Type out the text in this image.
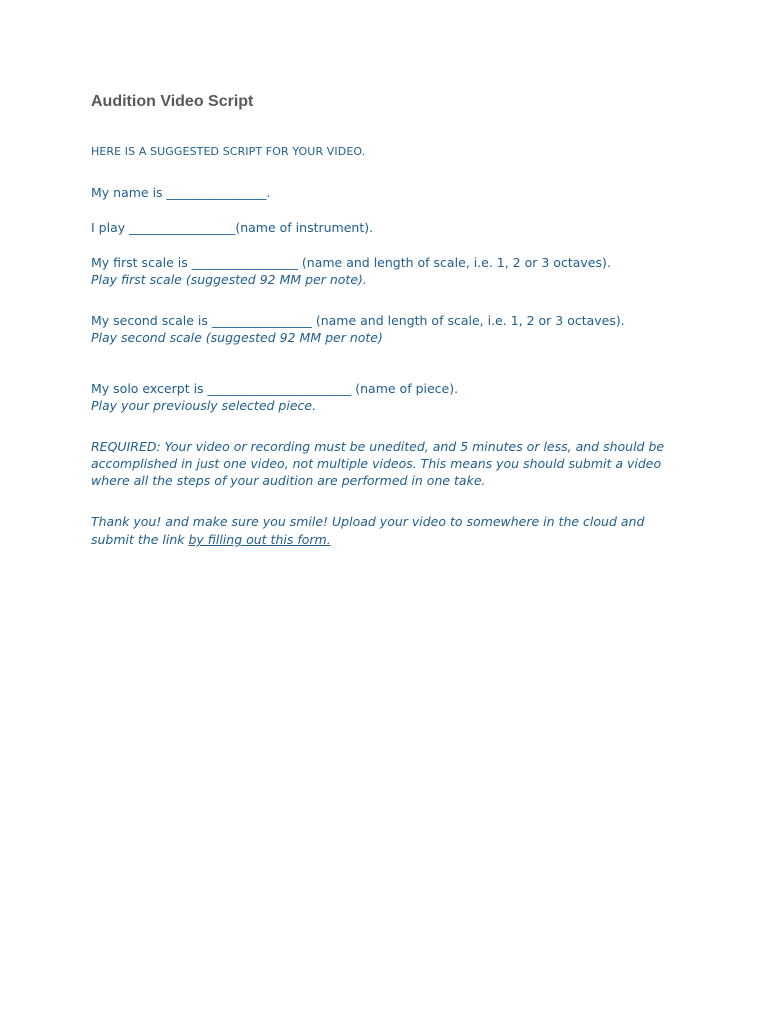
Audition Video Script
HERE IS A SUGGESTED SCRIPT FOR YOUR VIDEO.
My name is ________________.
I play _________________(name of instrument).
My first scale is _________________ (name and length of scale, i.e. 1, 2 or 3 octaves).
Play first scale (suggested 92 MM per note).
My second scale is ________________ (name and length of scale, i.e. 1, 2 or 3 octaves).
Play second scale (suggested 92 MM per note)
My solo excerpt is _______________________ (name of piece).
Play your previously selected piece.
REQUIRED: Your video or recording must be unedited, and 5 minutes or less, and should be
accomplished in just one video, not multiple videos. This means you should submit a video
where all the steps of your audition are performed in one take.
Thank you! and make sure you smile! Upload your video to somewhere in the cloud and
submit the link by filling out this form.
